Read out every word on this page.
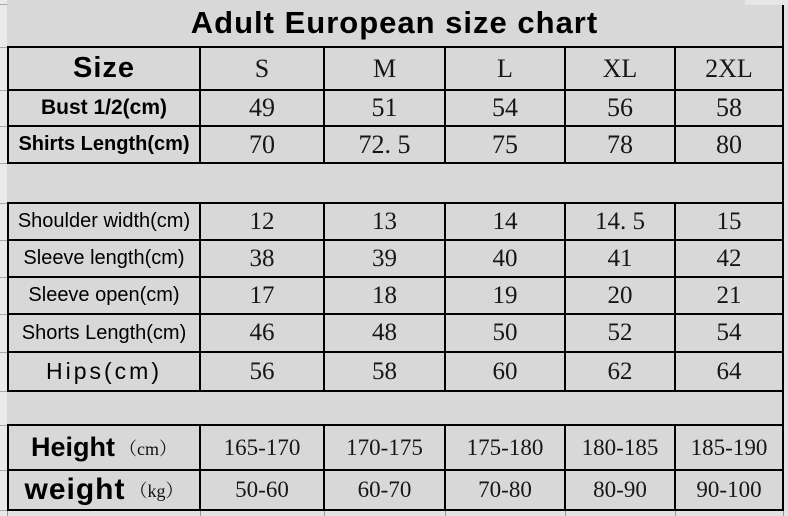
Adult European size chart
Size	S	M	L	XL	2XL
Bust 1/2(cm)	49	51	54	56	58
Shirts Length(cm)	70	72. 5	75	78	80
Shoulder width(cm)	12	13	14	14. 5	15
Sleeve length(cm)	38	39	40	41	42
Sleeve open(cm)	17	18	19	20	21
Shorts Length(cm)	46	48	50	52	54
Hips(cm)	56	58	60	62	64
Height （cm）	165-170	170-175	175-180	180-185	185-190
weight （kg）	50-60	60-70	70-80	80-90	90-100
